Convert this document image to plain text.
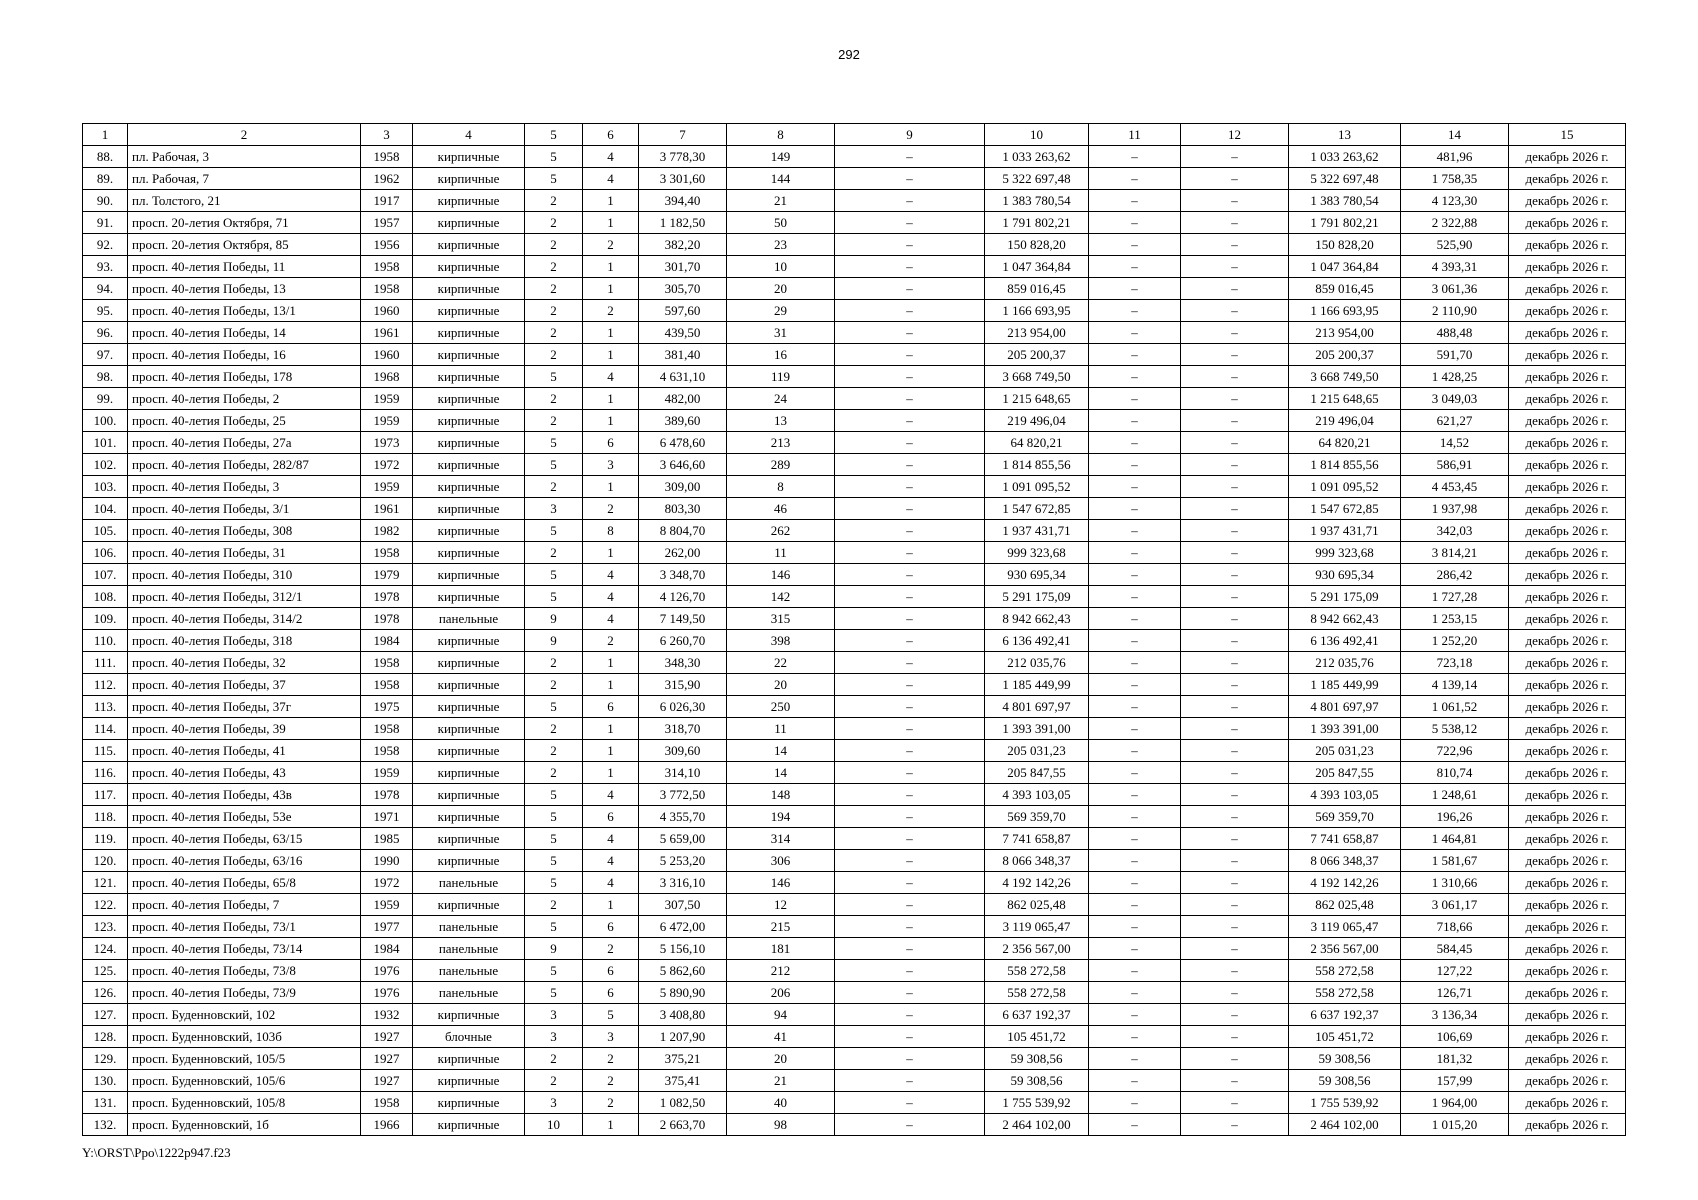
292
1	2	3	4	5	6	7	8	9	10	11	12	13	14	15
88.	пл. Рабочая, 3	1958	кирпичные	5	4	3 778,30	149	–	1 033 263,62	–	–	1 033 263,62	481,96	декабрь 2026 г.
89.	пл. Рабочая, 7	1962	кирпичные	5	4	3 301,60	144	–	5 322 697,48	–	–	5 322 697,48	1 758,35	декабрь 2026 г.
90.	пл. Толстого, 21	1917	кирпичные	2	1	394,40	21	–	1 383 780,54	–	–	1 383 780,54	4 123,30	декабрь 2026 г.
91.	просп. 20-летия Октября, 71	1957	кирпичные	2	1	1 182,50	50	–	1 791 802,21	–	–	1 791 802,21	2 322,88	декабрь 2026 г.
92.	просп. 20-летия Октября, 85	1956	кирпичные	2	2	382,20	23	–	150 828,20	–	–	150 828,20	525,90	декабрь 2026 г.
93.	просп. 40-летия Победы, 11	1958	кирпичные	2	1	301,70	10	–	1 047 364,84	–	–	1 047 364,84	4 393,31	декабрь 2026 г.
94.	просп. 40-летия Победы, 13	1958	кирпичные	2	1	305,70	20	–	859 016,45	–	–	859 016,45	3 061,36	декабрь 2026 г.
95.	просп. 40-летия Победы, 13/1	1960	кирпичные	2	2	597,60	29	–	1 166 693,95	–	–	1 166 693,95	2 110,90	декабрь 2026 г.
96.	просп. 40-летия Победы, 14	1961	кирпичные	2	1	439,50	31	–	213 954,00	–	–	213 954,00	488,48	декабрь 2026 г.
97.	просп. 40-летия Победы, 16	1960	кирпичные	2	1	381,40	16	–	205 200,37	–	–	205 200,37	591,70	декабрь 2026 г.
98.	просп. 40-летия Победы, 178	1968	кирпичные	5	4	4 631,10	119	–	3 668 749,50	–	–	3 668 749,50	1 428,25	декабрь 2026 г.
99.	просп. 40-летия Победы, 2	1959	кирпичные	2	1	482,00	24	–	1 215 648,65	–	–	1 215 648,65	3 049,03	декабрь 2026 г.
100.	просп. 40-летия Победы, 25	1959	кирпичные	2	1	389,60	13	–	219 496,04	–	–	219 496,04	621,27	декабрь 2026 г.
101.	просп. 40-летия Победы, 27а	1973	кирпичные	5	6	6 478,60	213	–	64 820,21	–	–	64 820,21	14,52	декабрь 2026 г.
102.	просп. 40-летия Победы, 282/87	1972	кирпичные	5	3	3 646,60	289	–	1 814 855,56	–	–	1 814 855,56	586,91	декабрь 2026 г.
103.	просп. 40-летия Победы, 3	1959	кирпичные	2	1	309,00	8	–	1 091 095,52	–	–	1 091 095,52	4 453,45	декабрь 2026 г.
104.	просп. 40-летия Победы, 3/1	1961	кирпичные	3	2	803,30	46	–	1 547 672,85	–	–	1 547 672,85	1 937,98	декабрь 2026 г.
105.	просп. 40-летия Победы, 308	1982	кирпичные	5	8	8 804,70	262	–	1 937 431,71	–	–	1 937 431,71	342,03	декабрь 2026 г.
106.	просп. 40-летия Победы, 31	1958	кирпичные	2	1	262,00	11	–	999 323,68	–	–	999 323,68	3 814,21	декабрь 2026 г.
107.	просп. 40-летия Победы, 310	1979	кирпичные	5	4	3 348,70	146	–	930 695,34	–	–	930 695,34	286,42	декабрь 2026 г.
108.	просп. 40-летия Победы, 312/1	1978	кирпичные	5	4	4 126,70	142	–	5 291 175,09	–	–	5 291 175,09	1 727,28	декабрь 2026 г.
109.	просп. 40-летия Победы, 314/2	1978	панельные	9	4	7 149,50	315	–	8 942 662,43	–	–	8 942 662,43	1 253,15	декабрь 2026 г.
110.	просп. 40-летия Победы, 318	1984	кирпичные	9	2	6 260,70	398	–	6 136 492,41	–	–	6 136 492,41	1 252,20	декабрь 2026 г.
111.	просп. 40-летия Победы, 32	1958	кирпичные	2	1	348,30	22	–	212 035,76	–	–	212 035,76	723,18	декабрь 2026 г.
112.	просп. 40-летия Победы, 37	1958	кирпичные	2	1	315,90	20	–	1 185 449,99	–	–	1 185 449,99	4 139,14	декабрь 2026 г.
113.	просп. 40-летия Победы, 37г	1975	кирпичные	5	6	6 026,30	250	–	4 801 697,97	–	–	4 801 697,97	1 061,52	декабрь 2026 г.
114.	просп. 40-летия Победы, 39	1958	кирпичные	2	1	318,70	11	–	1 393 391,00	–	–	1 393 391,00	5 538,12	декабрь 2026 г.
115.	просп. 40-летия Победы, 41	1958	кирпичные	2	1	309,60	14	–	205 031,23	–	–	205 031,23	722,96	декабрь 2026 г.
116.	просп. 40-летия Победы, 43	1959	кирпичные	2	1	314,10	14	–	205 847,55	–	–	205 847,55	810,74	декабрь 2026 г.
117.	просп. 40-летия Победы, 43в	1978	кирпичные	5	4	3 772,50	148	–	4 393 103,05	–	–	4 393 103,05	1 248,61	декабрь 2026 г.
118.	просп. 40-летия Победы, 53е	1971	кирпичные	5	6	4 355,70	194	–	569 359,70	–	–	569 359,70	196,26	декабрь 2026 г.
119.	просп. 40-летия Победы, 63/15	1985	кирпичные	5	4	5 659,00	314	–	7 741 658,87	–	–	7 741 658,87	1 464,81	декабрь 2026 г.
120.	просп. 40-летия Победы, 63/16	1990	кирпичные	5	4	5 253,20	306	–	8 066 348,37	–	–	8 066 348,37	1 581,67	декабрь 2026 г.
121.	просп. 40-летия Победы, 65/8	1972	панельные	5	4	3 316,10	146	–	4 192 142,26	–	–	4 192 142,26	1 310,66	декабрь 2026 г.
122.	просп. 40-летия Победы, 7	1959	кирпичные	2	1	307,50	12	–	862 025,48	–	–	862 025,48	3 061,17	декабрь 2026 г.
123.	просп. 40-летия Победы, 73/1	1977	панельные	5	6	6 472,00	215	–	3 119 065,47	–	–	3 119 065,47	718,66	декабрь 2026 г.
124.	просп. 40-летия Победы, 73/14	1984	панельные	9	2	5 156,10	181	–	2 356 567,00	–	–	2 356 567,00	584,45	декабрь 2026 г.
125.	просп. 40-летия Победы, 73/8	1976	панельные	5	6	5 862,60	212	–	558 272,58	–	–	558 272,58	127,22	декабрь 2026 г.
126.	просп. 40-летия Победы, 73/9	1976	панельные	5	6	5 890,90	206	–	558 272,58	–	–	558 272,58	126,71	декабрь 2026 г.
127.	просп. Буденновский, 102	1932	кирпичные	3	5	3 408,80	94	–	6 637 192,37	–	–	6 637 192,37	3 136,34	декабрь 2026 г.
128.	просп. Буденновский, 103б	1927	блочные	3	3	1 207,90	41	–	105 451,72	–	–	105 451,72	106,69	декабрь 2026 г.
129.	просп. Буденновский, 105/5	1927	кирпичные	2	2	375,21	20	–	59 308,56	–	–	59 308,56	181,32	декабрь 2026 г.
130.	просп. Буденновский, 105/6	1927	кирпичные	2	2	375,41	21	–	59 308,56	–	–	59 308,56	157,99	декабрь 2026 г.
131.	просп. Буденновский, 105/8	1958	кирпичные	3	2	1 082,50	40	–	1 755 539,92	–	–	1 755 539,92	1 964,00	декабрь 2026 г.
132.	просп. Буденновский, 1б	1966	кирпичные	10	1	2 663,70	98	–	2 464 102,00	–	–	2 464 102,00	1 015,20	декабрь 2026 г.
Y:\ORST\Ppo\1222p947.f23
